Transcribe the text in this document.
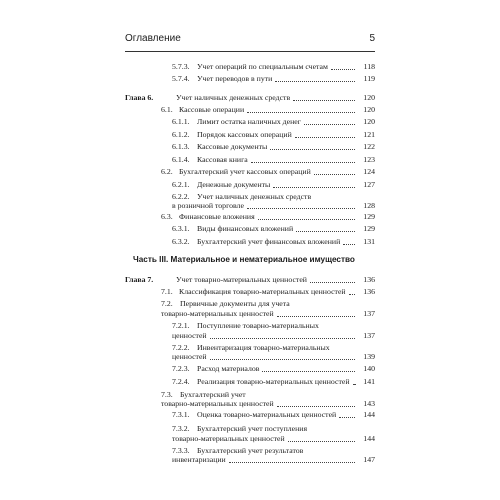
Оглавление	5
Часть III. Материальное и нематериальное имущество
5.7.3. Учет операций по специальным счетам	118
5.7.4. Учет переводов в пути	119
Глава 6.	Учет наличных денежных средств	120
6.1. Кассовые операции	120
6.1.1. Лимит остатка наличных денег	120
6.1.2. Порядок кассовых операций	121
6.1.3. Кассовые документы	122
6.1.4. Кассовая книга	123
6.2. Бухгалтерский учет кассовых операций	124
6.2.1. Денежные документы	127
6.2.2. Учет наличных денежных средств
в розничной торговле	128
6.3. Финансовые вложения	129
6.3.1. Виды финансовых вложений	129
6.3.2. Бухгалтерский учет финансовых вложений	131
Глава 7.	Учет товарно-материальных ценностей	136
7.1. Классификация товарно-материальных ценностей	136
7.2. Первичные документы для учета
товарно-материальных ценностей	137
7.2.1. Поступление товарно-материальных
ценностей	137
7.2.2. Инвентаризация товарно-материальных
ценностей	139
7.2.3. Расход материалов	140
7.2.4. Реализация товарно-материальных ценностей	141
7.3. Бухгалтерский учет
товарно-материальных ценностей	143
7.3.1. Оценка товарно-материальных ценностей	144
7.3.2. Бухгалтерский учет поступления
товарно-материальных ценностей	144
7.3.3. Бухгалтерский учет результатов
инвентаризации	147
